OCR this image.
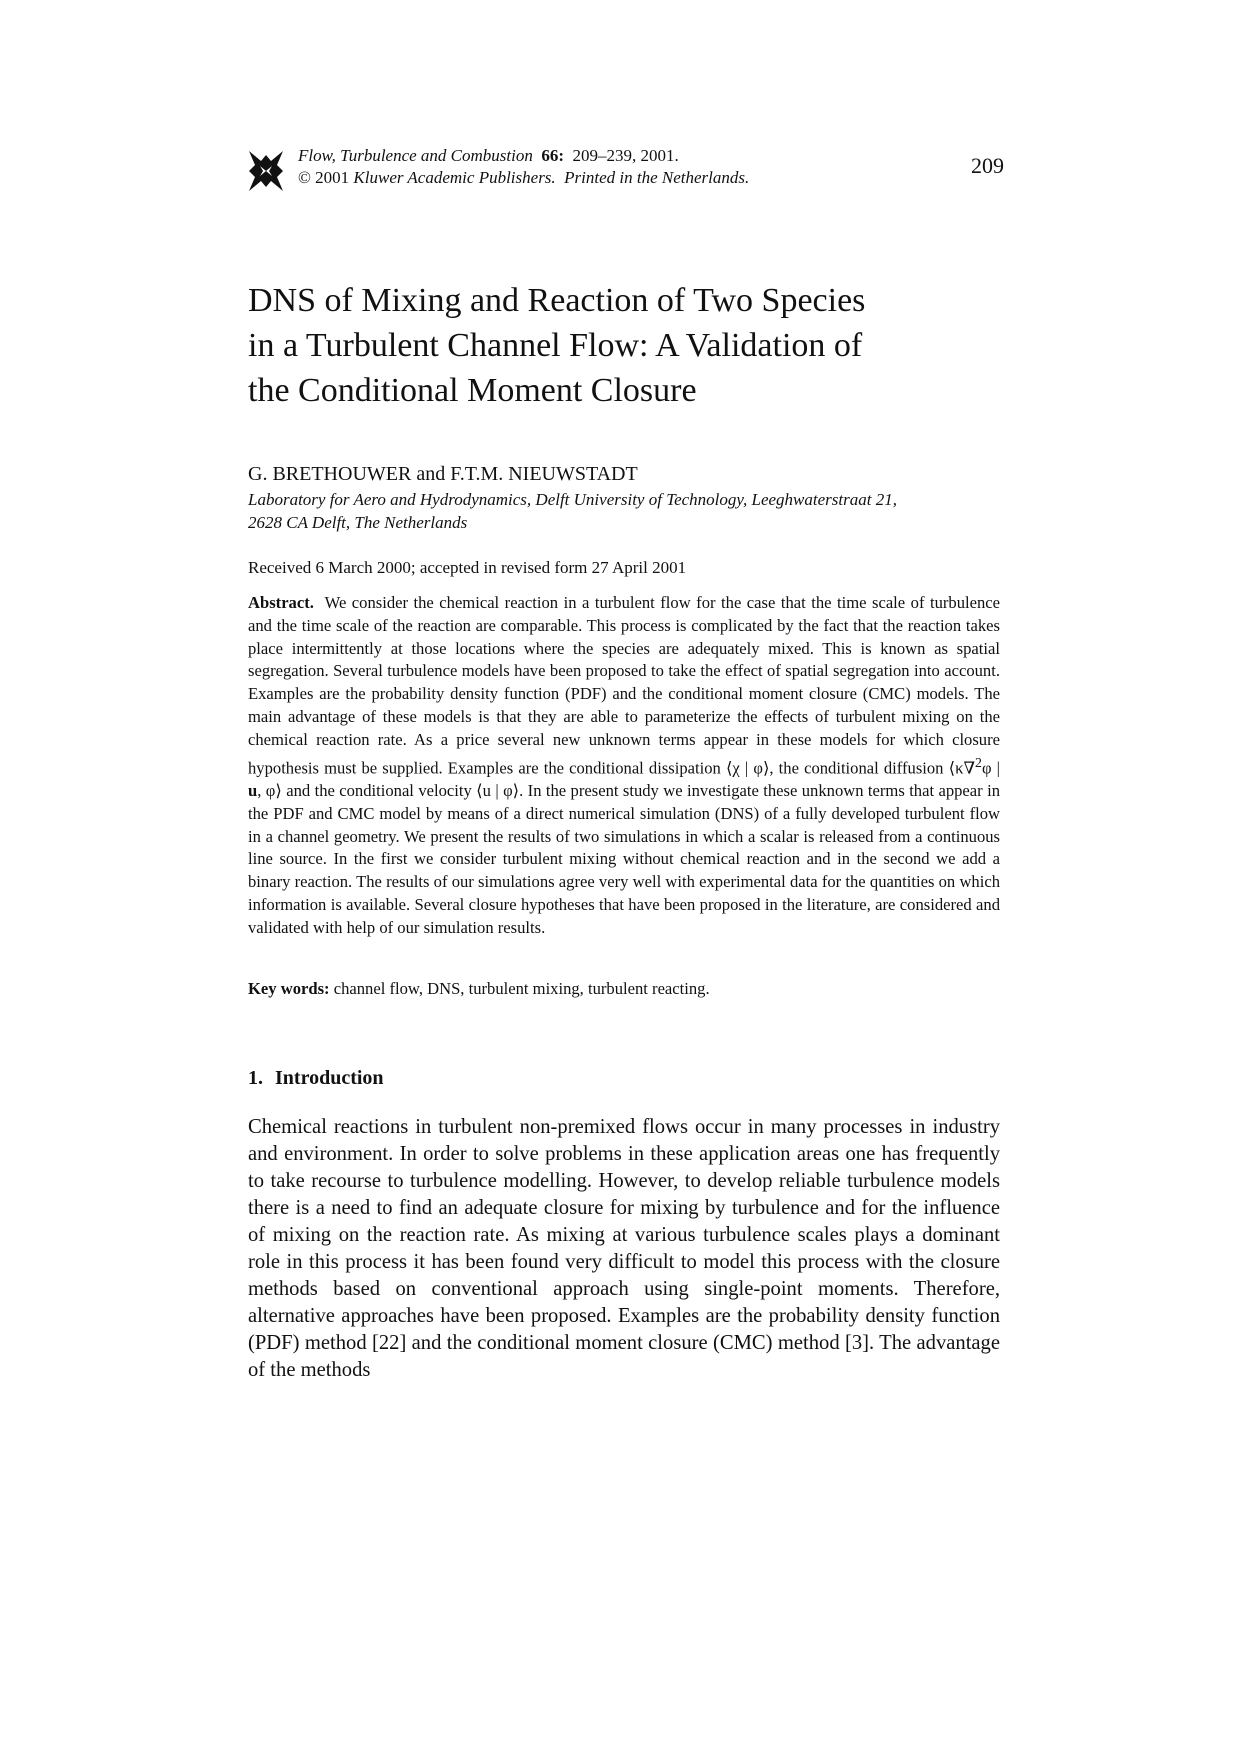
Flow, Turbulence and Combustion 66: 209–239, 2001.
© 2001 Kluwer Academic Publishers. Printed in the Netherlands.	209
DNS of Mixing and Reaction of Two Species
in a Turbulent Channel Flow: A Validation of
the Conditional Moment Closure
G. BRETHOUWER and F.T.M. NIEUWSTADT
Laboratory for Aero and Hydrodynamics, Delft University of Technology, Leeghwaterstraat 21,
2628 CA Delft, The Netherlands
Received 6 March 2000; accepted in revised form 27 April 2001
Abstract. We consider the chemical reaction in a turbulent flow for the case that the time scale of turbulence and the time scale of the reaction are comparable. This process is complicated by the fact that the reaction takes place intermittently at those locations where the species are adequately mixed. This is known as spatial segregation. Several turbulence models have been proposed to take the effect of spatial segregation into account. Examples are the probability density function (PDF) and the conditional moment closure (CMC) models. The main advantage of these models is that they are able to parameterize the effects of turbulent mixing on the chemical reaction rate. As a price several new unknown terms appear in these models for which closure hypothesis must be supplied. Examples are the conditional dissipation ⟨χ | φ⟩, the conditional diffusion ⟨κ∇$^2$φ | u, φ⟩ and the conditional velocity ⟨u | φ⟩. In the present study we investigate these unknown terms that appear in the PDF and CMC model by means of a direct numerical simulation (DNS) of a fully developed turbulent flow in a channel geometry. We present the results of two simulations in which a scalar is released from a continuous line source. In the first we consider turbulent mixing without chemical reaction and in the second we add a binary reaction. The results of our simulations agree very well with experimental data for the quantities on which information is available. Several closure hypotheses that have been proposed in the literature, are considered and validated with help of our simulation results.
Key words: channel flow, DNS, turbulent mixing, turbulent reacting.
1. Introduction
Chemical reactions in turbulent non-premixed flows occur in many processes in industry and environment. In order to solve problems in these application areas one has frequently to take recourse to turbulence modelling. However, to develop reliable turbulence models there is a need to find an adequate closure for mixing by turbulence and for the influence of mixing on the reaction rate. As mixing at various turbulence scales plays a dominant role in this process it has been found very difficult to model this process with the closure methods based on conventional approach using single-point moments. Therefore, alternative approaches have been proposed. Examples are the probability density function (PDF) method [22] and the conditional moment closure (CMC) method [3]. The advantage of the methods
